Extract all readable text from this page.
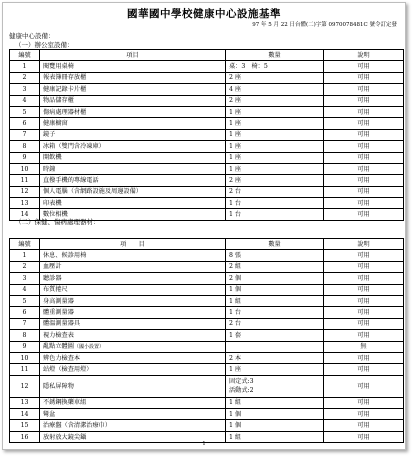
國華國中學校健康中心設施基準
97 年 5 月 22 日台體(二)字第 0970078481C 號令訂定發
健康中心設備：
（一）辦公室設備：
編號	項目	數量	說明
1	閱覽用桌椅	桌：3　椅：5	可用
2	報表簿冊存放櫃	2 座	可用
3	健康記錄卡片櫃	4 座	可用
4	物品儲存櫃	2 座	可用
5	傷病處理器材櫃	1 座	可用
6	健康櫥窗	1 座	可用
7	鏡子	1 座	可用
8	冰箱（雙門含冷凍庫）	1 座	可用
9	開飲機	1 座	可用
10	時鐘	1 座	可用
11	直撥手機的專線電話	2 座	可用
12	個人電腦（含網路設施及周邊設備）	2 台	可用
13	印表機	1 台	可用
14	數位相機	1 台	可用
（二）保健、傷病處理器材：
編號	項　　目	數量	說明
1	休息、候診用椅	8 張	可用
2	血壓計	2 組	可用
3	聽診器	2 個	可用
4	布質捲尺	1 個	可用
5	身高測量器	1 組	可用
6	體重測量器	1 台	可用
7	體溫測量器具	2 台	可用
8	視力檢查表	1 套	可用
9	亂點立體圖（國小設置）		無
10	辨色力檢查本	2 本	可用
11	站燈（檢查用燈）	1 座	可用
12	隱私屏障物	固定式:3
活動式:2	可用
13	不銹鋼換藥車組	1 組	可用
14	彎盆	1 個	可用
15	治療盤（含清潔治療巾）	1 個	可用
16	放射放大鏡尖鑷	1 組	可用
1
